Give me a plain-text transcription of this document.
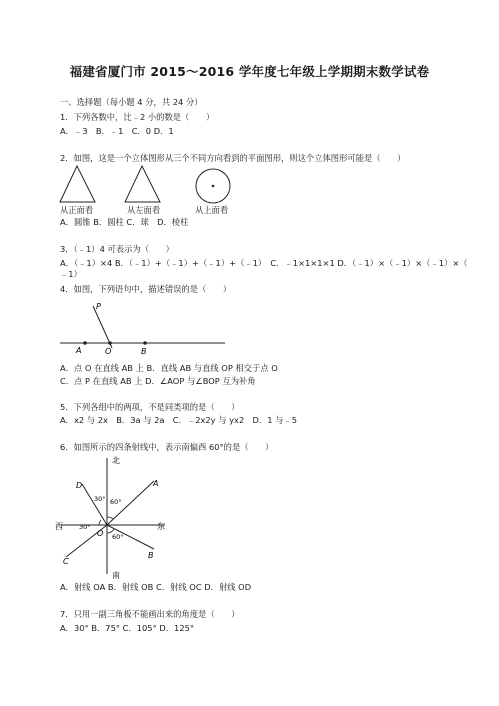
福建省厦门市 2015～2016 学年度七年级上学期期末数学试卷
一、选择题（每小题 4 分，共 24 分）
1．下列各数中，比﹣2 小的数是（　　）
A．﹣3　B．﹣1　C．0 D．1
2．如图，这是一个立体图形从三个不同方向看到的平面图形，则这个立体图形可能是（　　）
从正面看	从左面看	从上面看
A．圆锥 B．圆柱 C．球　D．棱柱
3．（﹣1）4 可表示为（　　）
A．（﹣1）×4 B．（﹣1）+（﹣1）+（﹣1）+（﹣1）　C．﹣1×1×1×1 D．（﹣1）×（﹣1）×（﹣1）×（
﹣1）
4．如图，下列语句中，描述错误的是（　　）
P
A	O	B
A．点 O 在直线 AB 上 B．直线 AB 与直线 OP 相交于点 O
C．点 P 在直线 AB 上 D．∠AOP 与∠BOP 互为补角
5．下列各组中的两项，不是同类项的是（　　）
A．x2 与 2x　B．3a 与 2a　C．﹣2x2y 与 yx2　D．1 与﹣5
6．如图所示的四条射线中，表示南偏西 60°的是（　　）
北
南
东
西
A
D
B
C
O
30° 60°
30°
60°
A．射线 OA B．射线 OB C．射线 OC D．射线 OD
7．只用一副三角板不能画出来的角度是（　　）
A．30° B．75° C．105° D．125°
